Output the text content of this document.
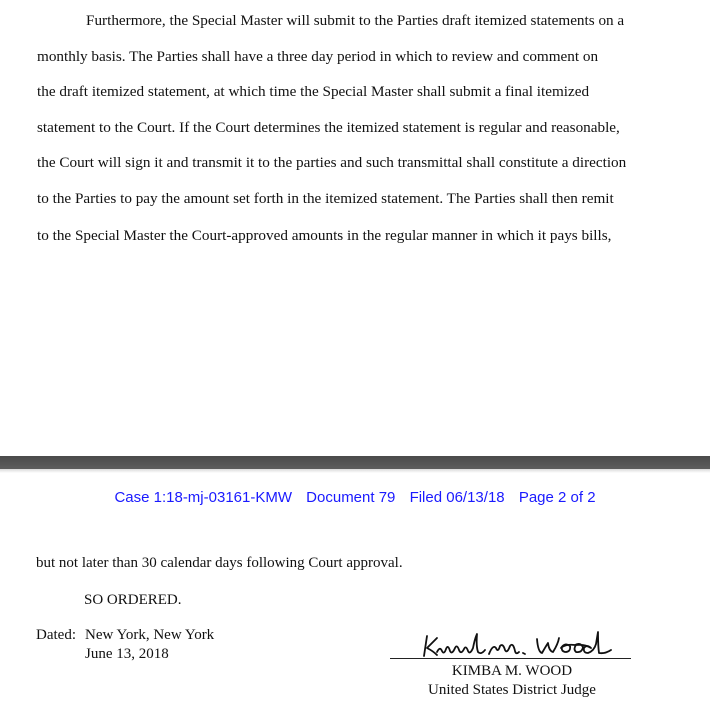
Furthermore, the Special Master will submit to the Parties draft itemized statements on a
monthly basis. The Parties shall have a three day period in which to review and comment on
the draft itemized statement, at which time the Special Master shall submit a final itemized
statement to the Court. If the Court determines the itemized statement is regular and reasonable,
the Court will sign it and transmit it to the parties and such transmittal shall constitute a direction
to the Parties to pay the amount set forth in the itemized statement. The Parties shall then remit
to the Special Master the Court-approved amounts in the regular manner in which it pays bills,
Case 1:18-mj-03161-KMW Document 79 Filed 06/13/18 Page 2 of 2
but not later than 30 calendar days following Court approval.
SO ORDERED.
Dated: New York, New York
June 13, 2018
KIMBA M. WOOD
United States District Judge
